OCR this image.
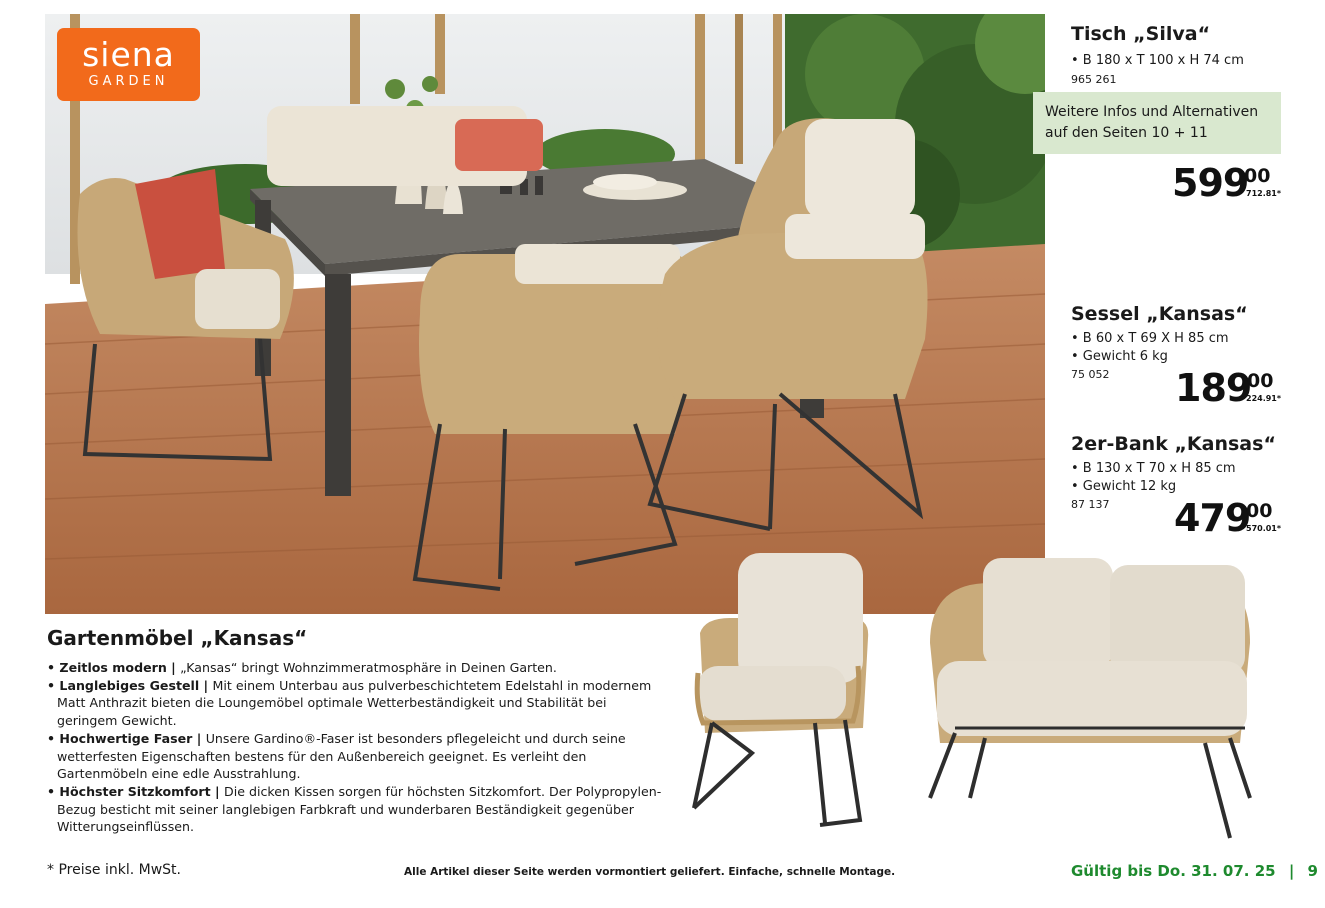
siena
GARDEN
Tisch „Silva“
• B 180 x T 100 x H 74 cm
965 261
Weitere Infos und Alternativen
auf den Seiten 10 + 11
599
00
712.81*
Sessel „Kansas“
• B 60 x T 69 X H 85 cm
• Gewicht 6 kg
75 052	189
00
224.91*
2er-Bank „Kansas“
• B 130 x T 70 x H 85 cm
• Gewicht 12 kg
87 137	479
00
570.01*
Gartenmöbel „Kansas“
• Zeitlos modern | „Kansas“ bringt Wohnzimmeratmosphäre in Deinen Garten.
• Langlebiges Gestell | Mit einem Unterbau aus pulverbeschichtetem Edelstahl in modernem Matt Anthrazit bieten die Loungemöbel optimale Wetterbeständigkeit und Stabilität bei geringem Gewicht.
• Hochwertige Faser | Unsere Gardino®-Faser ist besonders pflegeleicht und durch seine wetterfesten Eigenschaften bestens für den Außenbereich geeignet. Es verleiht den Gartenmöbeln eine edle Ausstrahlung.
• Höchster Sitzkomfort | Die dicken Kissen sorgen für höchsten Sitzkomfort. Der Polypropylen-Bezug besticht mit seiner langlebigen Farbkraft und wunderbaren Beständigkeit gegenüber Witterungseinflüssen.
* Preise inkl. MwSt.	Alle Artikel dieser Seite werden vormontiert geliefert. Einfache, schnelle Montage.	Gültig bis Do. 31. 07. 25 | 9
